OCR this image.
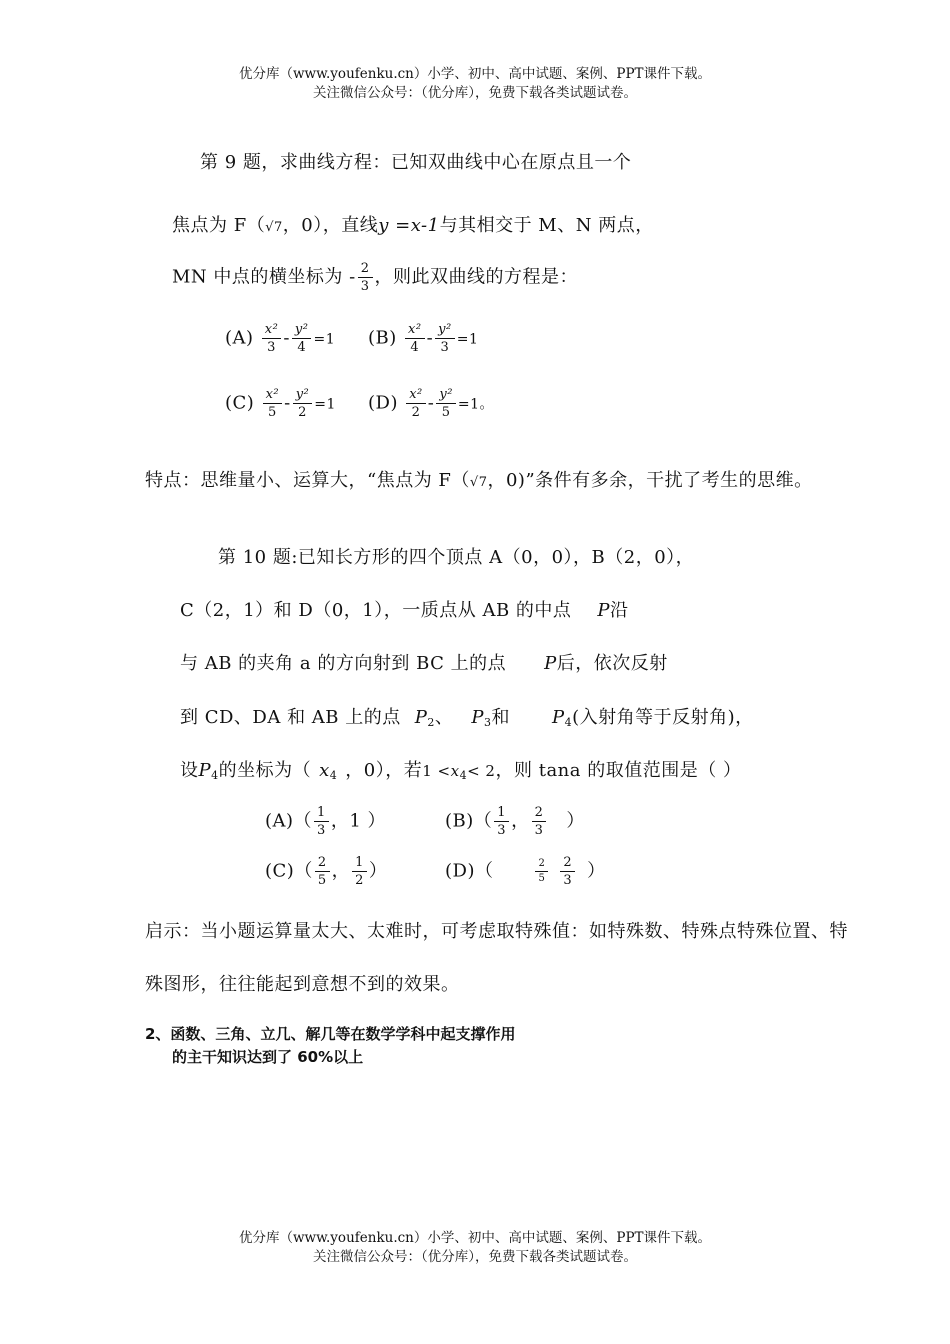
优分库（www.youfenku.cn）小学、初中、高中试题、案例、PPT课件下载。
关注微信公众号：（优分库），免费下载各类试题试卷。
第 9 题，求曲线方程：已知双曲线中心在原点且一个
焦点为 F（√7，0），直线y =x-1与其相交于 M、N 两点，
MN 中点的横坐标为 - $\frac{2}{3}$ ，则此双曲线的方程是：
$(A) \frac{\text{x²}}{3} - \frac{\text{y²}}{4} =1$ $(B) \frac{\text{x²}}{4} - \frac{\text{y²}}{3} =1$
$(C) \frac{\text{x²}}{5} - \frac{\text{y²}}{2} =1$ $(D) \frac{\text{x²}}{2} - \frac{\text{y²}}{5} =1$。
特点：思维量小、运算大，“焦点为 F（√7，0)”条件有多余，干扰了考生的思维。
第 10 题:已知长方形的四个顶点 A（0，0），B（2，0），
C（2，1）和 D（0，1），一质点从 AB 的中点 P沿
与 AB 的夹角 a 的方向射到 BC 上的点 P后，依次反射
到 CD、DA 和 AB 上的点 $P_2$、 $P_3$和 $P_4$(入射角等于反射角)，
设$P_4$的坐标为（ $x_4$ ，0），若$1 <x_4< 2$，则 tana 的取值范围是（ ）
$(A)( \frac{1}{3}$ ，1 ）	$(B)( \frac{1}{3}$ ， $\frac{2}{3}$ ）
$(C)( \frac{2}{5}$ ， $\frac{1}{2}$ ）	(D)（	$\frac{2}{5} \frac{2}{3}$ ）
启示：当小题运算量太大、太难时，可考虑取特殊值：如特殊数、特殊点特殊位置、特
殊图形，往往能起到意想不到的效果。
2、函数、三角、立几、解几等在数学学科中起支撑作用
的主干知识达到了 60%以上
优分库（www.youfenku.cn）小学、初中、高中试题、案例、PPT课件下载。
关注微信公众号：（优分库），免费下载各类试题试卷。
